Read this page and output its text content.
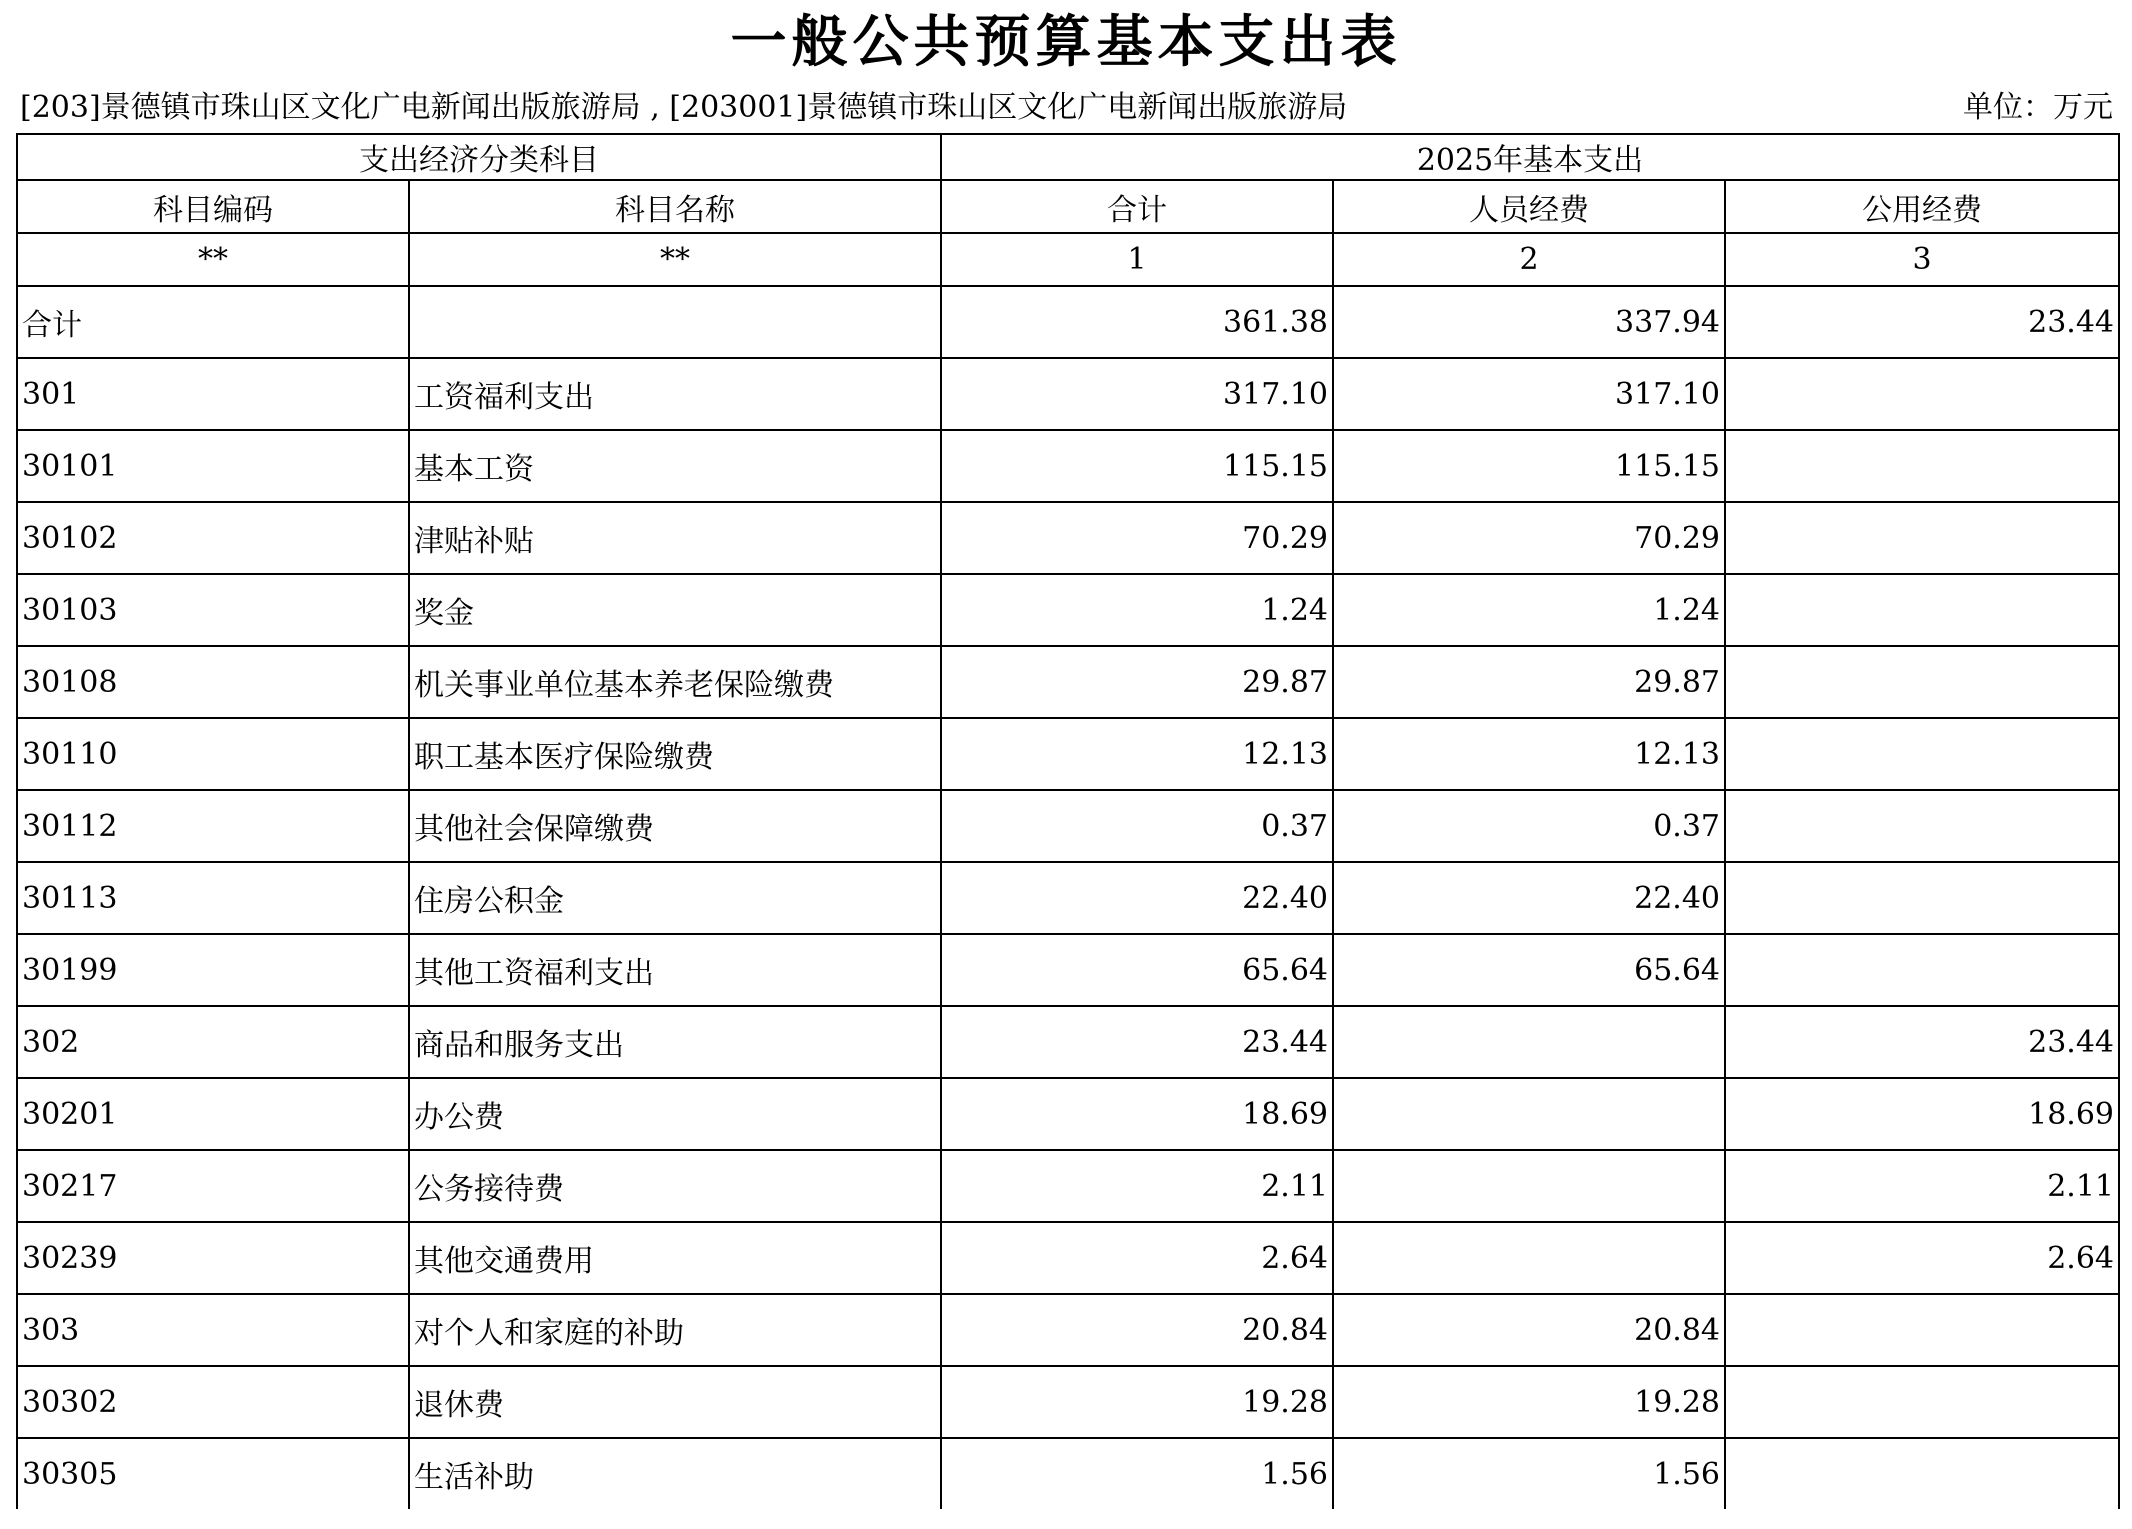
一般公共预算基本支出表
[203]景德镇市珠山区文化广电新闻出版旅游局 , [203001]景德镇市珠山区文化广电新闻出版旅游局	单位：万元
支出经济分类科目		2025年基本支出		
科目编码	科目名称	合计	人员经费	公用经费
**	**	1	2	3
合计		361.38	337.94	23.44
301	工资福利支出	317.10	317.10	
30101	基本工资	115.15	115.15	
30102	津贴补贴	70.29	70.29	
30103	奖金	1.24	1.24	
30108	机关事业单位基本养老保险缴费	29.87	29.87	
30110	职工基本医疗保险缴费	12.13	12.13	
30112	其他社会保障缴费	0.37	0.37	
30113	住房公积金	22.40	22.40	
30199	其他工资福利支出	65.64	65.64	
302	商品和服务支出	23.44		23.44
30201	办公费	18.69		18.69
30217	公务接待费	2.11		2.11
30239	其他交通费用	2.64		2.64
303	对个人和家庭的补助	20.84	20.84	
30302	退休费	19.28	19.28	
30305	生活补助	1.56	1.56	
